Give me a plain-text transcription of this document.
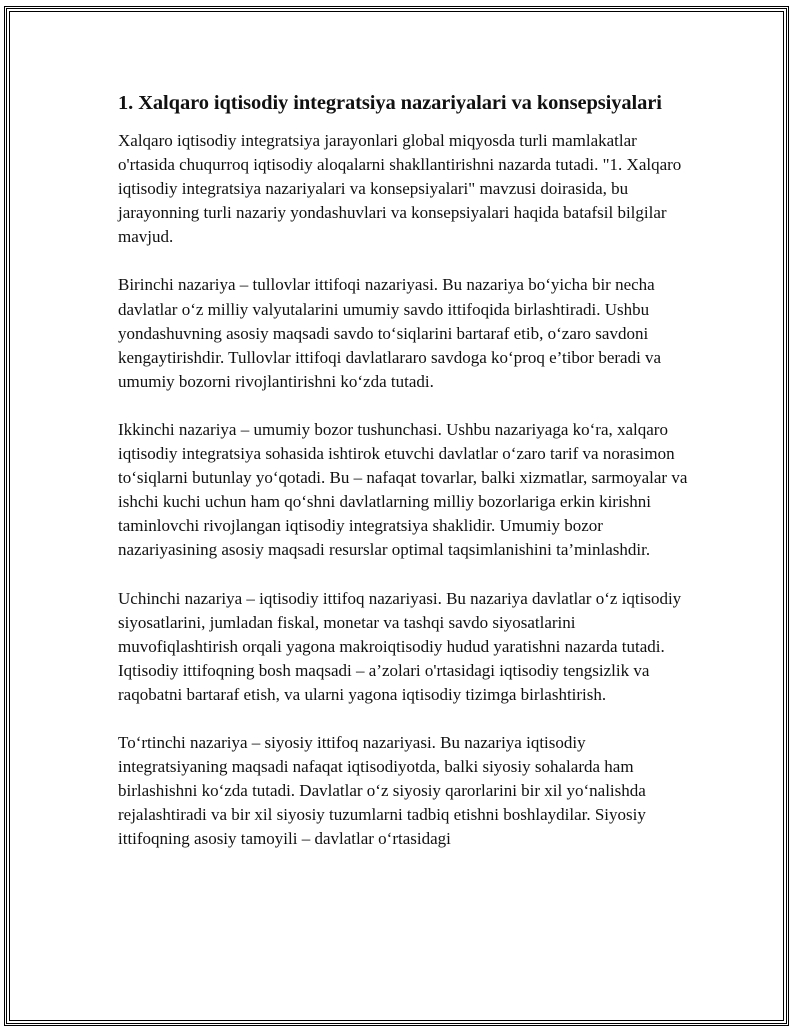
1. Xalqaro iqtisodiy integratsiya nazariyalari va konsepsiyalari

Xalqaro iqtisodiy integratsiya jarayonlari global miqyosda turli mamlakatlar o'rtasida chuqurroq iqtisodiy aloqalarni shakllantirishni nazarda tutadi. "1. Xalqaro iqtisodiy integratsiya nazariyalari va konsepsiyalari" mavzusi doirasida, bu jarayonning turli nazariy yondashuvlari va konsepsiyalari haqida batafsil bilgilar mavjud.

Birinchi nazariya – tullovlar ittifoqi nazariyasi. Bu nazariya bo‘yicha bir necha davlatlar o‘z milliy valyutalarini umumiy savdo ittifoqida birlashtiradi. Ushbu yondashuvning asosiy maqsadi savdo to‘siqlarini bartaraf etib, o‘zaro savdoni kengaytirishdir. Tullovlar ittifoqi davlatlararo savdoga ko‘proq e’tibor beradi va umumiy bozorni rivojlantirishni ko‘zda tutadi.

Ikkinchi nazariya – umumiy bozor tushunchasi. Ushbu nazariyaga ko‘ra, xalqaro iqtisodiy integratsiya sohasida ishtirok etuvchi davlatlar o‘zaro tarif va norasimon to‘siqlarni butunlay yo‘qotadi. Bu – nafaqat tovarlar, balki xizmatlar, sarmoyalar va ishchi kuchi uchun ham qo‘shni davlatlarning milliy bozorlariga erkin kirishni taminlovchi rivojlangan iqtisodiy integratsiya shaklidir. Umumiy bozor nazariyasining asosiy maqsadi resurslar optimal taqsimlanishini ta’minlashdir.

Uchinchi nazariya – iqtisodiy ittifoq nazariyasi. Bu nazariya davlatlar o‘z iqtisodiy siyosatlarini, jumladan fiskal, monetar va tashqi savdo siyosatlarini muvofiqlashtirish orqali yagona makroiqtisodiy hudud yaratishni nazarda tutadi. Iqtisodiy ittifoqning bosh maqsadi – a’zolari o'rtasidagi iqtisodiy tengsizlik va raqobatni bartaraf etish, va ularni yagona iqtisodiy tizimga birlashtirish.

To‘rtinchi nazariya – siyosiy ittifoq nazariyasi. Bu nazariya iqtisodiy integratsiyaning maqsadi nafaqat iqtisodiyotda, balki siyosiy sohalarda ham birlashishni ko‘zda tutadi. Davlatlar o‘z siyosiy qarorlarini bir xil yo‘nalishda rejalashtiradi va bir xil siyosiy tuzumlarni tadbiq etishni boshlaydilar. Siyosiy ittifoqning asosiy tamoyili – davlatlar o‘rtasidagi
